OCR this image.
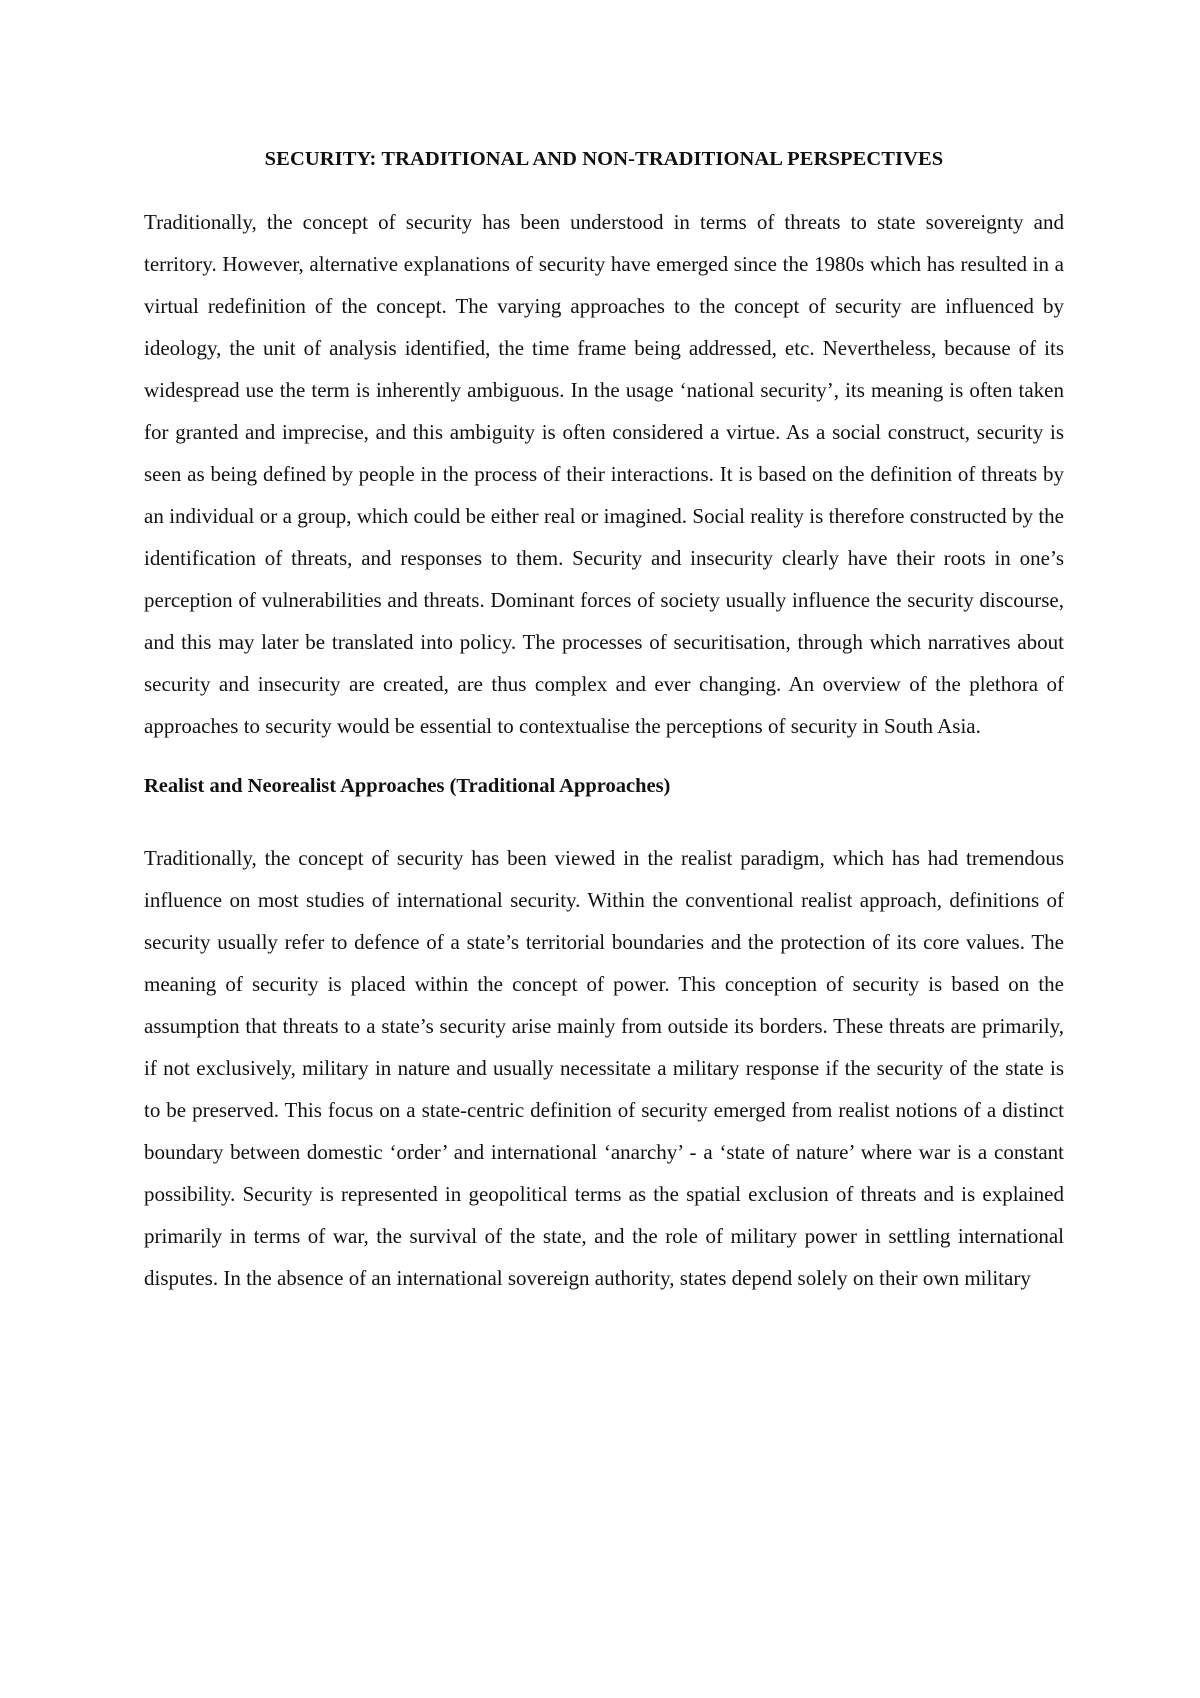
SECURITY: TRADITIONAL AND NON-TRADITIONAL PERSPECTIVES

Traditionally, the concept of security has been understood in terms of threats to state sovereignty and territory. However, alternative explanations of security have emerged since the 1980s which has resulted in a virtual redefinition of the concept. The varying approaches to the concept of security are influenced by ideology, the unit of analysis identified, the time frame being addressed, etc. Nevertheless, because of its widespread use the term is inherently ambiguous. In the usage ‘national security’, its meaning is often taken for granted and imprecise, and this ambiguity is often considered a virtue. As a social construct, security is seen as being defined by people in the process of their interactions. It is based on the definition of threats by an individual or a group, which could be either real or imagined. Social reality is therefore constructed by the identification of threats, and responses to them. Security and insecurity clearly have their roots in one’s perception of vulnerabilities and threats. Dominant forces of society usually influence the security discourse, and this may later be translated into policy. The processes of securitisation, through which narratives about security and insecurity are created, are thus complex and ever changing. An overview of the plethora of approaches to security would be essential to contextualise the perceptions of security in South Asia.

Realist and Neorealist Approaches (Traditional Approaches)

Traditionally, the concept of security has been viewed in the realist paradigm, which has had tremendous influence on most studies of international security. Within the conventional realist approach, definitions of security usually refer to defence of a state’s territorial boundaries and the protection of its core values. The meaning of security is placed within the concept of power. This conception of security is based on the assumption that threats to a state’s security arise mainly from outside its borders. These threats are primarily, if not exclusively, military in nature and usually necessitate a military response if the security of the state is to be preserved. This focus on a state-centric definition of security emerged from realist notions of a distinct boundary between domestic ‘order’ and international ‘anarchy’ - a ‘state of nature’ where war is a constant possibility. Security is represented in geopolitical terms as the spatial exclusion of threats and is explained primarily in terms of war, the survival of the state, and the role of military power in settling international disputes. In the absence of an international sovereign authority, states depend solely on their own military
